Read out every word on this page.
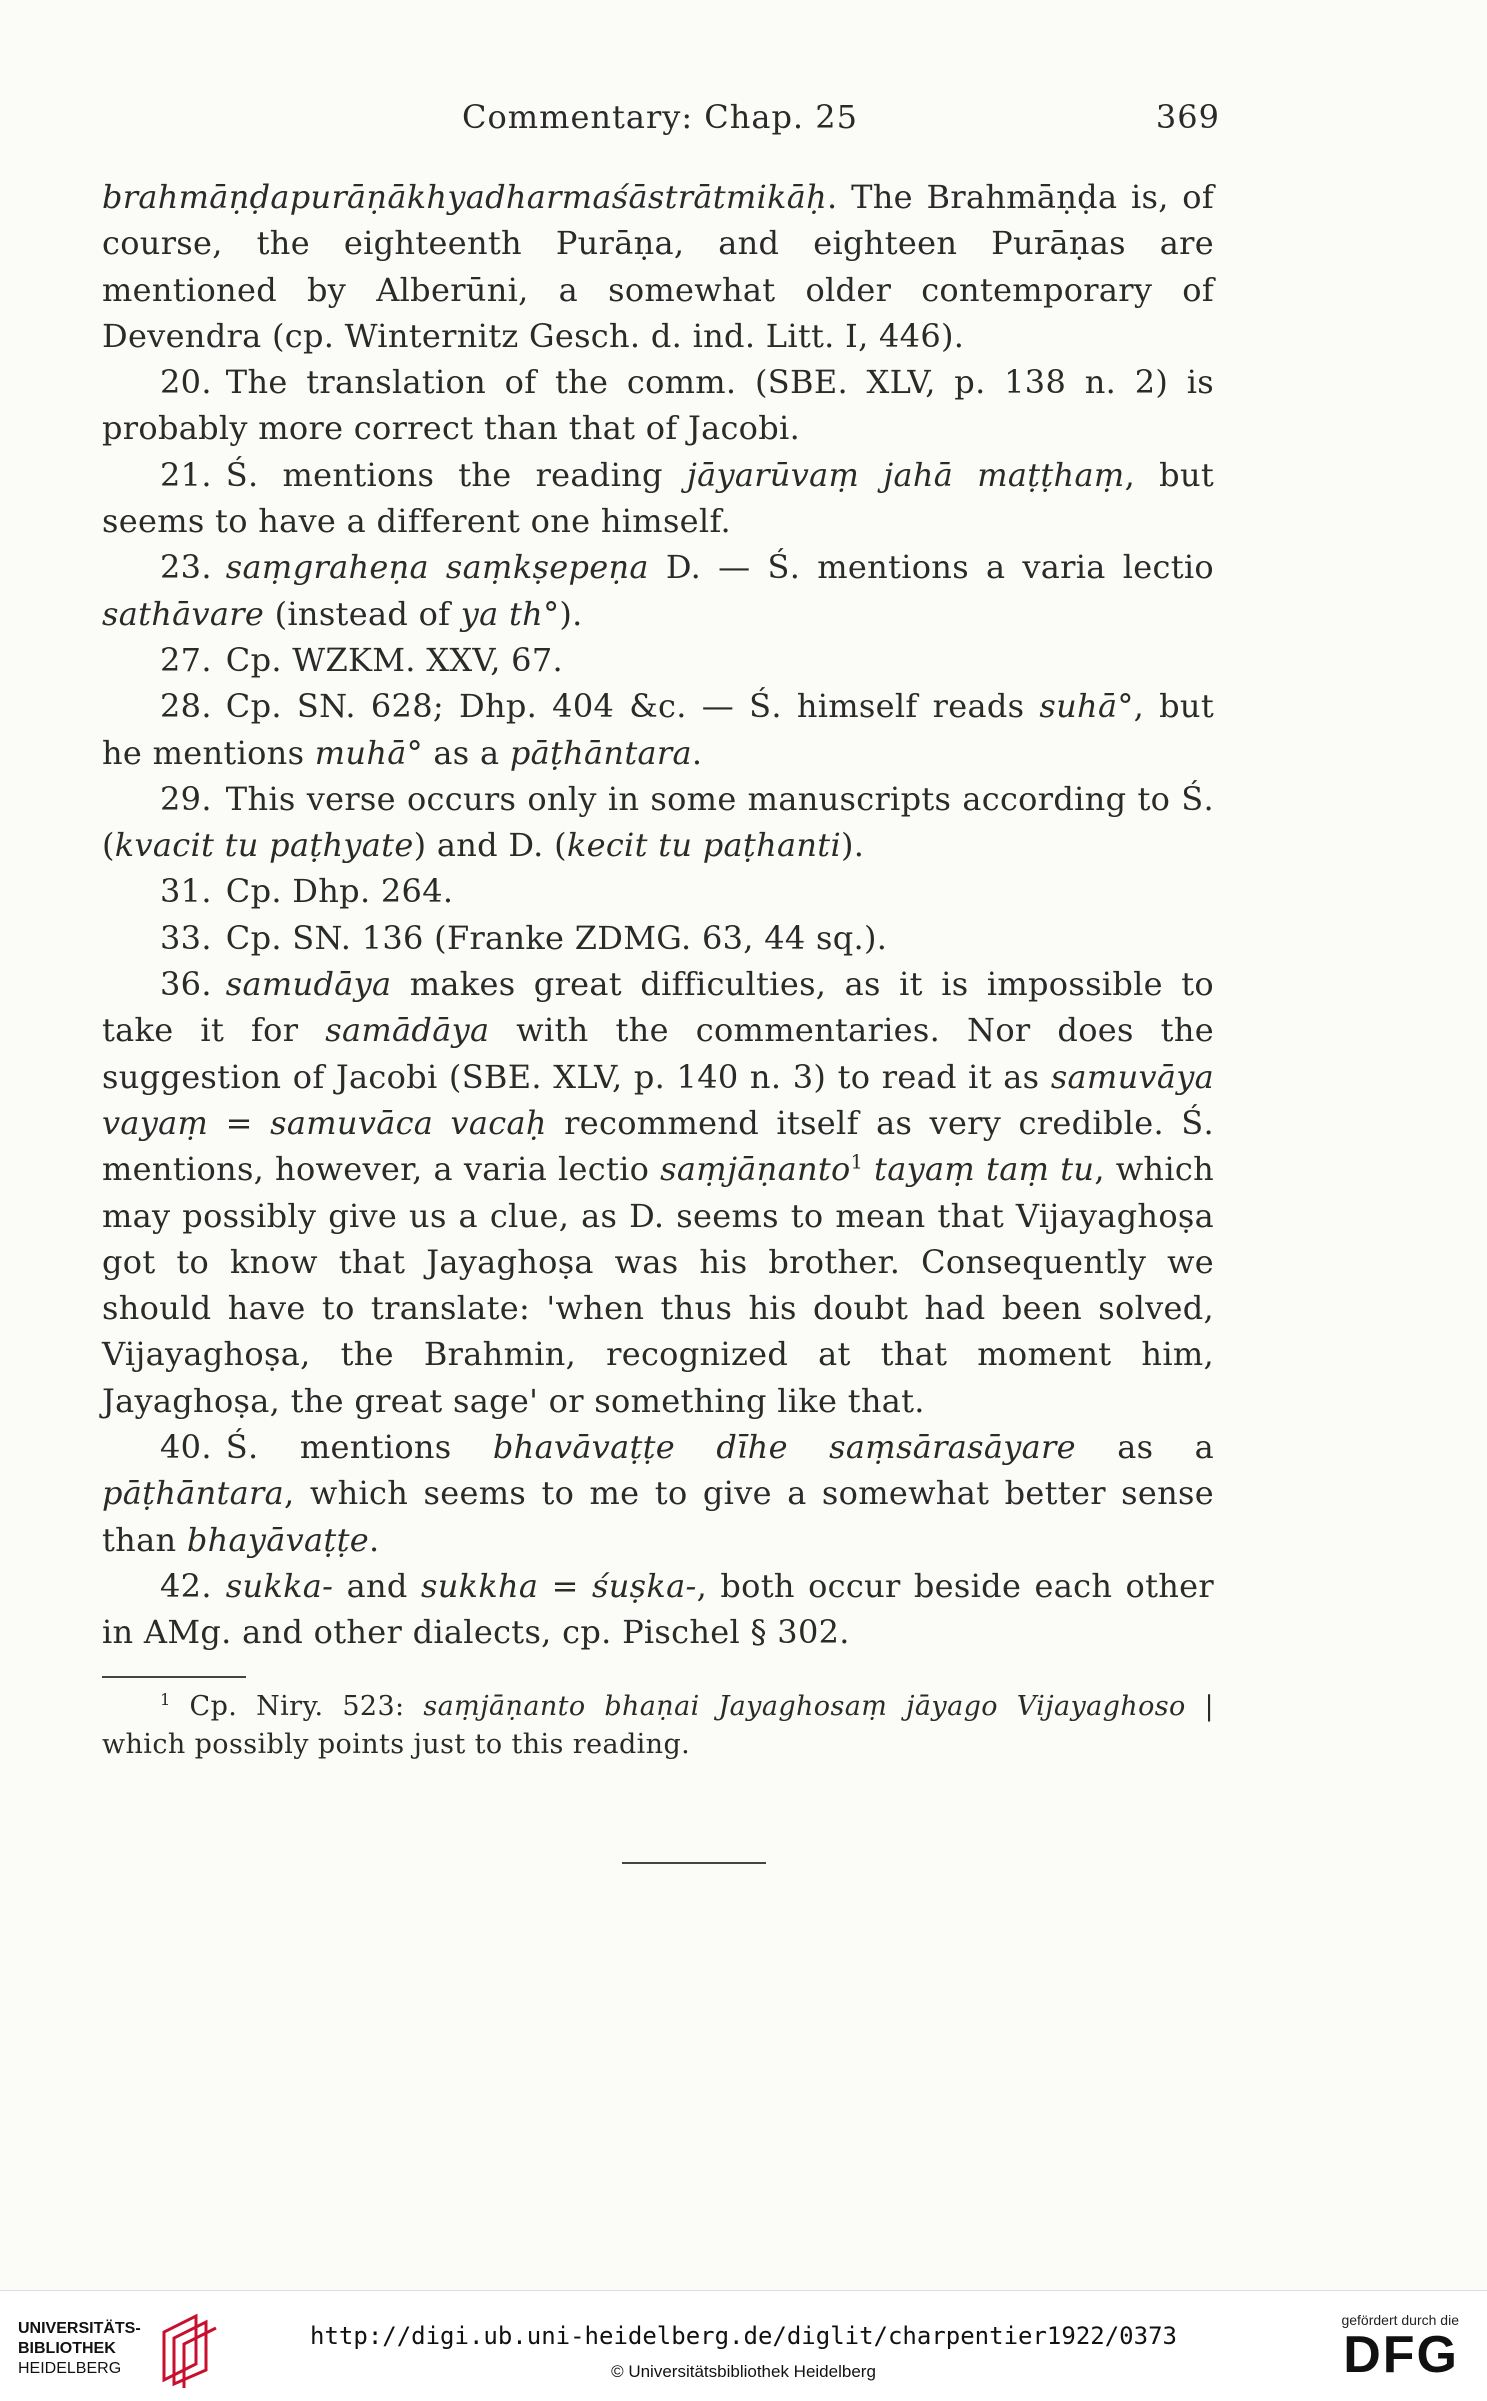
Commentary: Chap. 25	369

brahmāṇḍapurāṇākhyadharmaśāstrātmikāḥ. The Brahmāṇḍa is, of course, the eighteenth Purāṇa, and eighteen Purāṇas are mentioned by Alberūni, a somewhat older contemporary of Devendra (cp. Winternitz Gesch. d. ind. Litt. I, 446).

20. The translation of the comm. (SBE. XLV, p. 138 n. 2) is probably more correct than that of Jacobi.

21. Ś. mentions the reading jāyarūvaṃ jahā maṭṭhaṃ, but seems to have a different one himself.

23. saṃgraheṇa saṃkṣepeṇa D. — Ś. mentions a varia lectio sathāvare (instead of ya th°).

27. Cp. WZKM. XXV, 67.

28. Cp. SN. 628; Dhp. 404 &c. — Ś. himself reads suhā°, but he mentions muhā° as a pāṭhāntara.

29. This verse occurs only in some manuscripts according to Ś. (kvacit tu paṭhyate) and D. (kecit tu paṭhanti).

31. Cp. Dhp. 264.

33. Cp. SN. 136 (Franke ZDMG. 63, 44 sq.).

36. samudāya makes great difficulties, as it is impossible to take it for samādāya with the commentaries. Nor does the suggestion of Jacobi (SBE. XLV, p. 140 n. 3) to read it as samuvāya vayaṃ = samuvāca vacaḥ recommend itself as very credible. Ś. mentions, however, a varia lectio saṃjāṇanto$^1$ tayaṃ taṃ tu, which may possibly give us a clue, as D. seems to mean that Vijayaghoṣa got to know that Jayaghoṣa was his brother. Consequently we should have to translate: 'when thus his doubt had been solved, Vijayaghoṣa, the Brahmin, recognized at that moment him, Jayaghoṣa, the great sage' or something like that.

40. Ś. mentions bhavāvaṭṭe dīhe saṃsārasāyare as a pāṭhāntara, which seems to me to give a somewhat better sense than bhayāvaṭṭe.

42. sukka- and sukkha = śuṣka-, both occur beside each other in AMg. and other dialects, cp. Pischel § 302.

$^1$ Cp. Niry. 523: saṃjāṇanto bhaṇai Jayaghosaṃ jāyago Vijayaghoso | which possibly points just to this reading.
UNIVERSITÄTS-
BIBLIOTHEK
HEIDELBERG
http://digi.ub.uni-heidelberg.de/diglit/charpentier1922/0373
© Universitätsbibliothek Heidelberg
gefördert durch die
DFG
